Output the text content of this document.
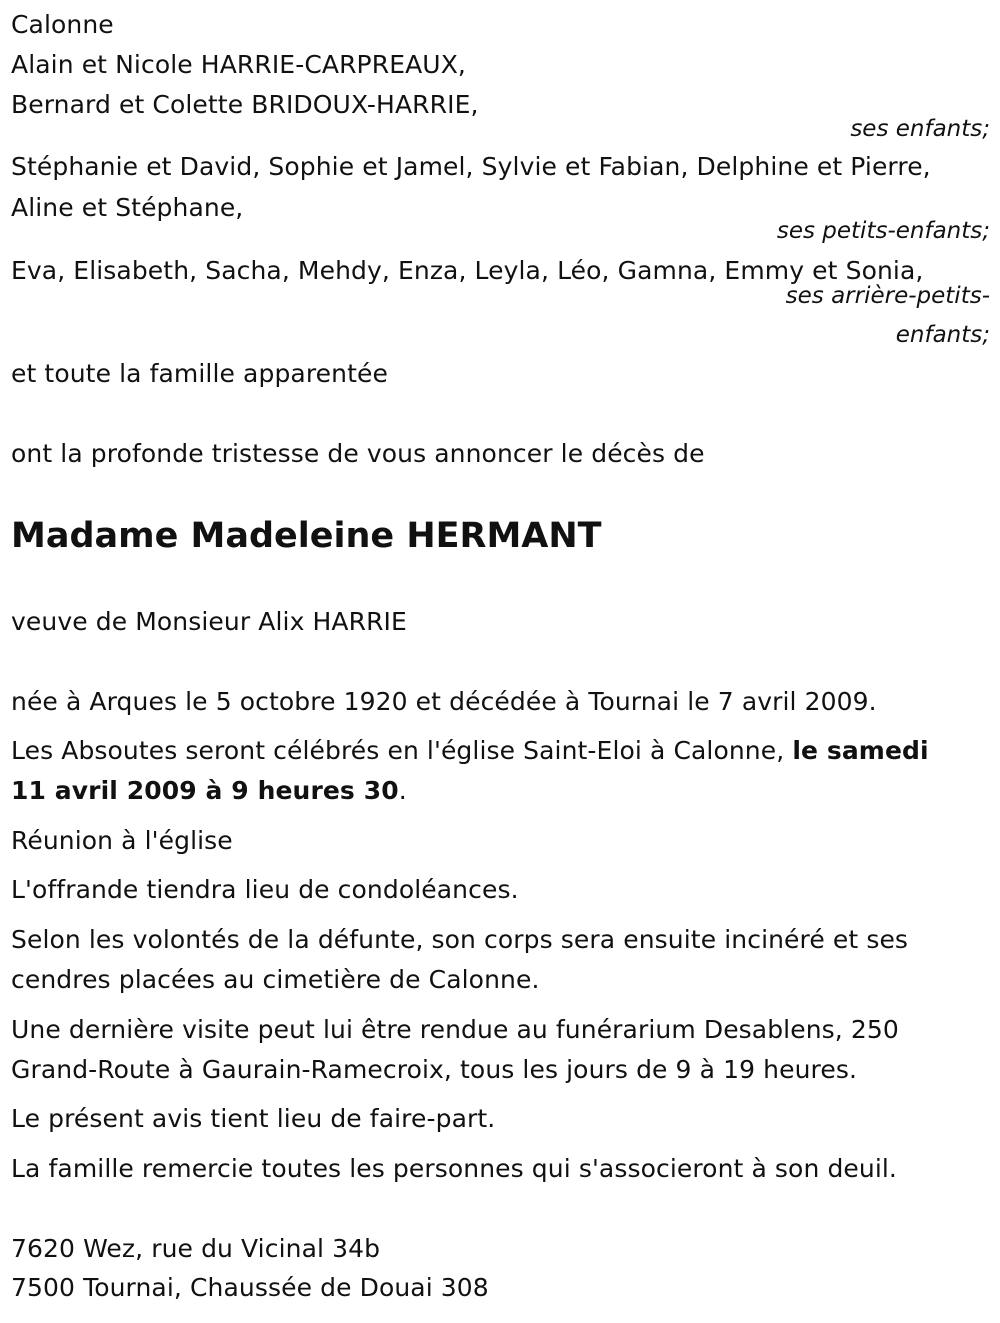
Calonne
Alain et Nicole HARRIE-CARPREAUX,
Bernard et Colette BRIDOUX-HARRIE,
ses enfants;
Stéphanie et David, Sophie et Jamel, Sylvie et Fabian, Delphine et Pierre,
Aline et Stéphane,
ses petits-enfants;
Eva, Elisabeth, Sacha, Mehdy, Enza, Leyla, Léo, Gamna, Emmy et Sonia,
ses arrière-petits-
enfants;
et toute la famille apparentée
ont la profonde tristesse de vous annoncer le décès de
Madame Madeleine HERMANT
veuve de Monsieur Alix HARRIE
née à Arques le 5 octobre 1920 et décédée à Tournai le 7 avril 2009.
Les Absoutes seront célébrés en l'église Saint-Eloi à Calonne, le samedi
11 avril 2009 à 9 heures 30.
Réunion à l'église
L'offrande tiendra lieu de condoléances.
Selon les volontés de la défunte, son corps sera ensuite incinéré et ses
cendres placées au cimetière de Calonne.
Une dernière visite peut lui être rendue au funérarium Desablens, 250
Grand-Route à Gaurain-Ramecroix, tous les jours de 9 à 19 heures.
Le présent avis tient lieu de faire-part.
La famille remercie toutes les personnes qui s'associeront à son deuil.
7620 Wez, rue du Vicinal 34b
7500 Tournai, Chaussée de Douai 308
